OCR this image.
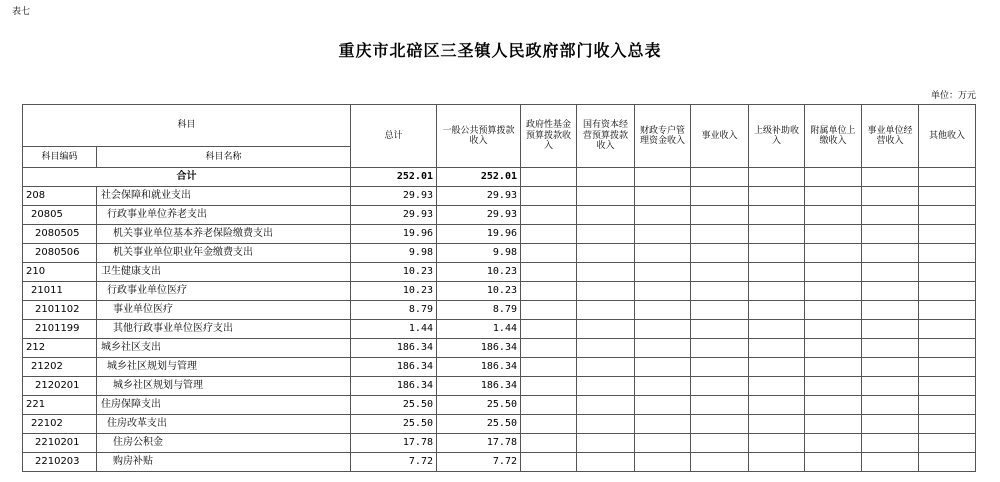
表七
重庆市北碚区三圣镇人民政府部门收入总表
单位：万元
科目		总计	一般公共预算拨款收入	政府性基金预算拨款收入	国有资本经营预算拨款收入	财政专户管理资金收入	事业收入	上级补助收入	附属单位上缴收入	事业单位经营收入	其他收入
科目编码	科目名称										
合计		252.01	252.01								
208	社会保障和就业支出	29.93	29.93								
20805	行政事业单位养老支出	29.93	29.93								
2080505	机关事业单位基本养老保险缴费支出	19.96	19.96								
2080506	机关事业单位职业年金缴费支出	9.98	9.98								
210	卫生健康支出	10.23	10.23								
21011	行政事业单位医疗	10.23	10.23								
2101102	事业单位医疗	8.79	8.79								
2101199	其他行政事业单位医疗支出	1.44	1.44								
212	城乡社区支出	186.34	186.34								
21202	城乡社区规划与管理	186.34	186.34								
2120201	城乡社区规划与管理	186.34	186.34								
221	住房保障支出	25.50	25.50								
22102	住房改革支出	25.50	25.50								
2210201	住房公积金	17.78	17.78								
2210203	购房补贴	7.72	7.72								
